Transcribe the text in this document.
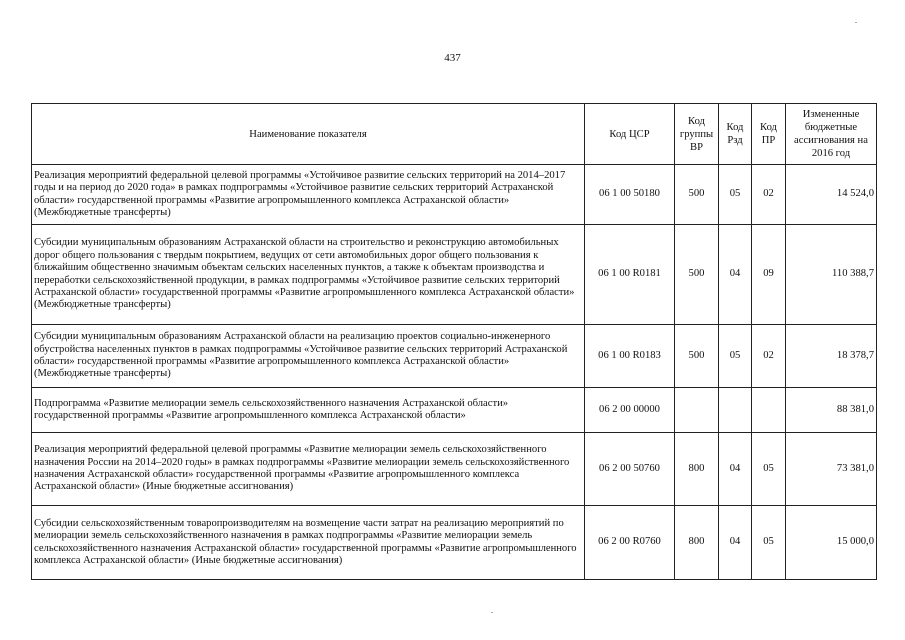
437
Наименование показателя	Код ЦСР	Код группы ВР	Код Рзд	Код ПР	Измененные бюджетные ассигнования на 2016 год
Реализация мероприятий федеральной целевой программы «Устойчивое развитие сельских территорий на 2014–2017 годы и на период до 2020 года» в рамках подпрограммы «Устойчивое развитие сельских территорий Астраханской области» государственной программы «Развитие агропромышленного комплекса Астраханской области» (Межбюджетные трансферты)	06 1 00 50180	500	05	02	14 524,0
Субсидии муниципальным образованиям Астраханской области на строительство и реконструкцию автомобильных дорог общего пользования с твердым покрытием, ведущих от сети автомобильных дорог общего пользования к ближайшим общественно значимым объектам сельских населенных пунктов, а также к объектам производства и переработки сельскохозяйственной продукции, в рамках подпрограммы «Устойчивое развитие сельских территорий Астраханской области» государственной программы «Развитие агропромышленного комплекса Астраханской области» (Межбюджетные трансферты)	06 1 00 R0181	500	04	09	110 388,7
Субсидии муниципальным образованиям Астраханской области на реализацию проектов социально-инженерного обустройства населенных пунктов в рамках подпрограммы «Устойчивое развитие сельских территорий Астраханской области» государственной программы «Развитие агропромышленного комплекса Астраханской области» (Межбюджетные трансферты)	06 1 00 R0183	500	05	02	18 378,7
Подпрограмма «Развитие мелиорации земель сельскохозяйственного назначения Астраханской области» государственной программы «Развитие агропромышленного комплекса Астраханской области»	06 2 00 00000				88 381,0
Реализация мероприятий федеральной целевой программы «Развитие мелиорации земель сельскохозяйственного назначения России на 2014–2020 годы» в рамках подпрограммы «Развитие мелиорации земель сельскохозяйственного назначения Астраханской области» государственной программы «Развитие агропромышленного комплекса Астраханской области» (Иные бюджетные ассигнования)	06 2 00 50760	800	04	05	73 381,0
Субсидии сельскохозяйственным товаропроизводителям на возмещение части затрат на реализацию мероприятий по мелиорации земель сельскохозяйственного назначения в рамках подпрограммы «Развитие мелиорации земель сельскохозяйственного назначения Астраханской области» государственной программы «Развитие агропромышленного комплекса Астраханской области» (Иные бюджетные ассигнования)	06 2 00 R0760	800	04	05	15 000,0
